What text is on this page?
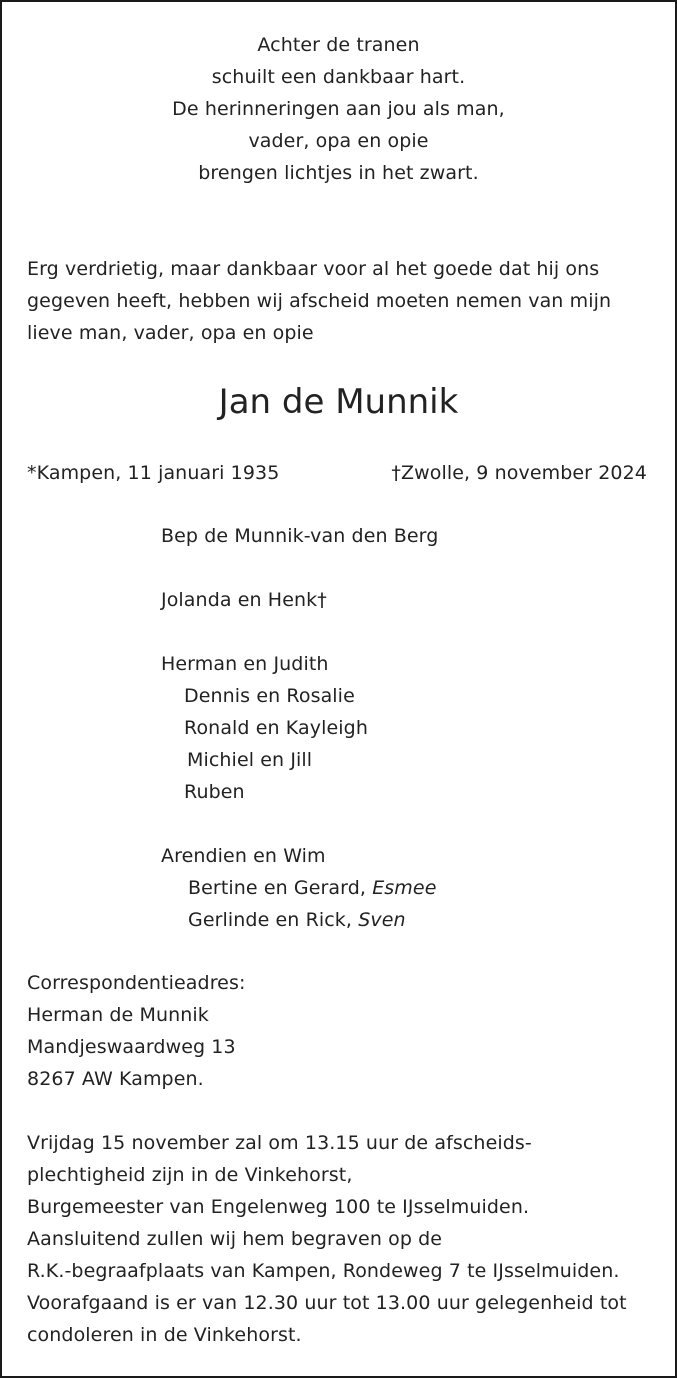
Achter de tranen
schuilt een dankbaar hart.
De herinneringen aan jou als man,
vader, opa en opie
brengen lichtjes in het zwart.
Erg verdrietig, maar dankbaar voor al het goede dat hij ons
gegeven heeft, hebben wij afscheid moeten nemen van mijn
lieve man, vader, opa en opie
Jan de Munnik
*Kampen, 11 januari 1935	†Zwolle, 9 november 2024
Bep de Munnik-van den Berg
Jolanda en Henk†
Herman en Judith
Dennis en Rosalie
Ronald en Kayleigh
Michiel en Jill
Ruben
Arendien en Wim
Bertine en Gerard, Esmee
Gerlinde en Rick, Sven
Correspondentieadres:
Herman de Munnik
Mandjeswaardweg 13
8267 AW Kampen.
Vrijdag 15 november zal om 13.15 uur de afscheids-
plechtigheid zijn in de Vinkehorst,
Burgemeester van Engelenweg 100 te IJsselmuiden.
Aansluitend zullen wij hem begraven op de
R.K.-begraafplaats van Kampen, Rondeweg 7 te IJsselmuiden.
Voorafgaand is er van 12.30 uur tot 13.00 uur gelegenheid tot
condoleren in de Vinkehorst.
